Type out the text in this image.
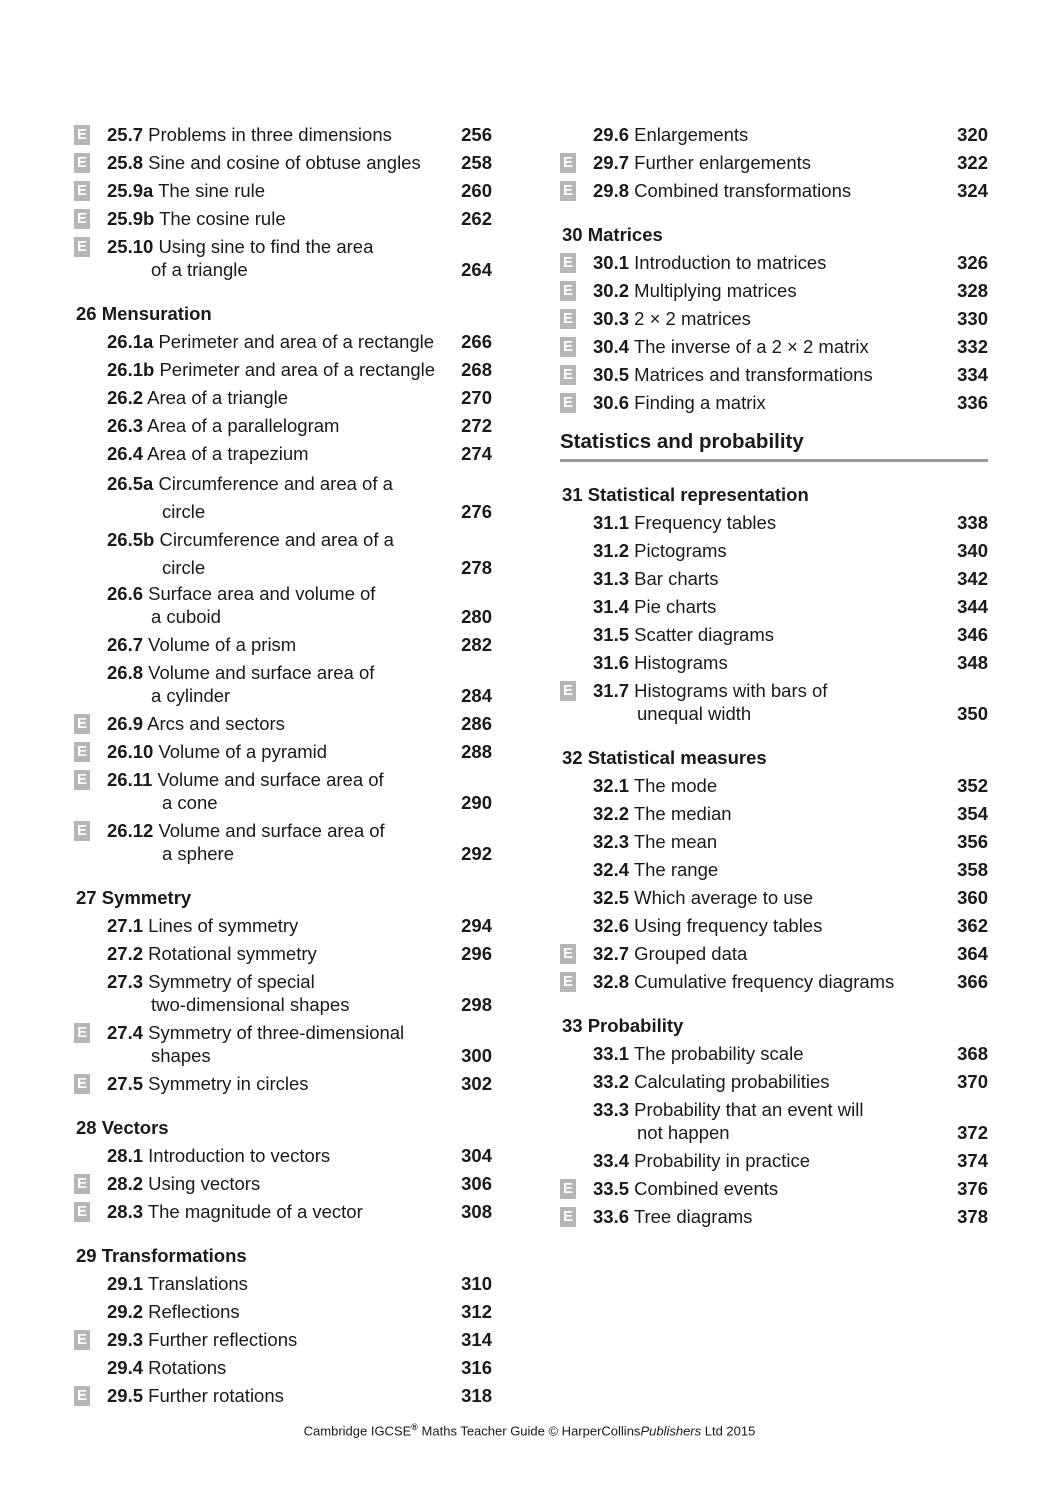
E 25.7 Problems in three dimensions	256
E 25.8 Sine and cosine of obtuse angles 258
E 25.9a The sine rule	260
E 25.9b The cosine rule	262
E 25.10 Using sine to find the area
of a triangle	264
26 Mensuration
26.1a Perimeter and area of a rectangle 266
26.1b Perimeter and area of a rectangle 268
26.2 Area of a triangle	270
26.3 Area of a parallelogram	272
26.4 Area of a trapezium	274
26.5a Circumference and area of a
circle	276
26.5b Circumference and area of a
circle	278
26.6 Surface area and volume of
a cuboid	280
26.7 Volume of a prism	282
26.8 Volume and surface area of
a cylinder	284
E 26.9 Arcs and sectors	286
E 26.10 Volume of a pyramid	288
E 26.11 Volume and surface area of
a cone	290
E 26.12 Volume and surface area of
a sphere	292
27 Symmetry
27.1 Lines of symmetry	294
27.2 Rotational symmetry	296
27.3 Symmetry of special
two-dimensional shapes	298
E 27.4 Symmetry of three-dimensional
shapes	300
E 27.5 Symmetry in circles	302
28 Vectors
28.1 Introduction to vectors	304
E 28.2 Using vectors	306
E 28.3 The magnitude of a vector	308
29 Transformations
29.1 Translations	310
29.2 Reflections	312
E 29.3 Further reflections	314
29.4 Rotations	316
E 29.5 Further rotations	318
29.6 Enlargements	320
E 29.7 Further enlargements	322
E 29.8 Combined transformations	324
30 Matrices
E 30.1 Introduction to matrices	326
E 30.2 Multiplying matrices	328
E 30.3 2 × 2 matrices	330
E 30.4 The inverse of a 2 × 2 matrix	332
E 30.5 Matrices and transformations	334
E 30.6 Finding a matrix	336
Statistics and probability
31 Statistical representation
31.1 Frequency tables	338
31.2 Pictograms	340
31.3 Bar charts	342
31.4 Pie charts	344
31.5 Scatter diagrams	346
31.6 Histograms	348
E 31.7 Histograms with bars of
unequal width	350
32 Statistical measures
32.1 The mode	352
32.2 The median	354
32.3 The mean	356
32.4 The range	358
32.5 Which average to use	360
32.6 Using frequency tables	362
E 32.7 Grouped data	364
E 32.8 Cumulative frequency diagrams	366
33 Probability
33.1 The probability scale	368
33.2 Calculating probabilities	370
33.3 Probability that an event will
not happen	372
33.4 Probability in practice	374
E 33.5 Combined events	376
E 33.6 Tree diagrams	378
Cambridge IGCSE® Maths Teacher Guide © HarperCollinsPublishers Ltd 2015
